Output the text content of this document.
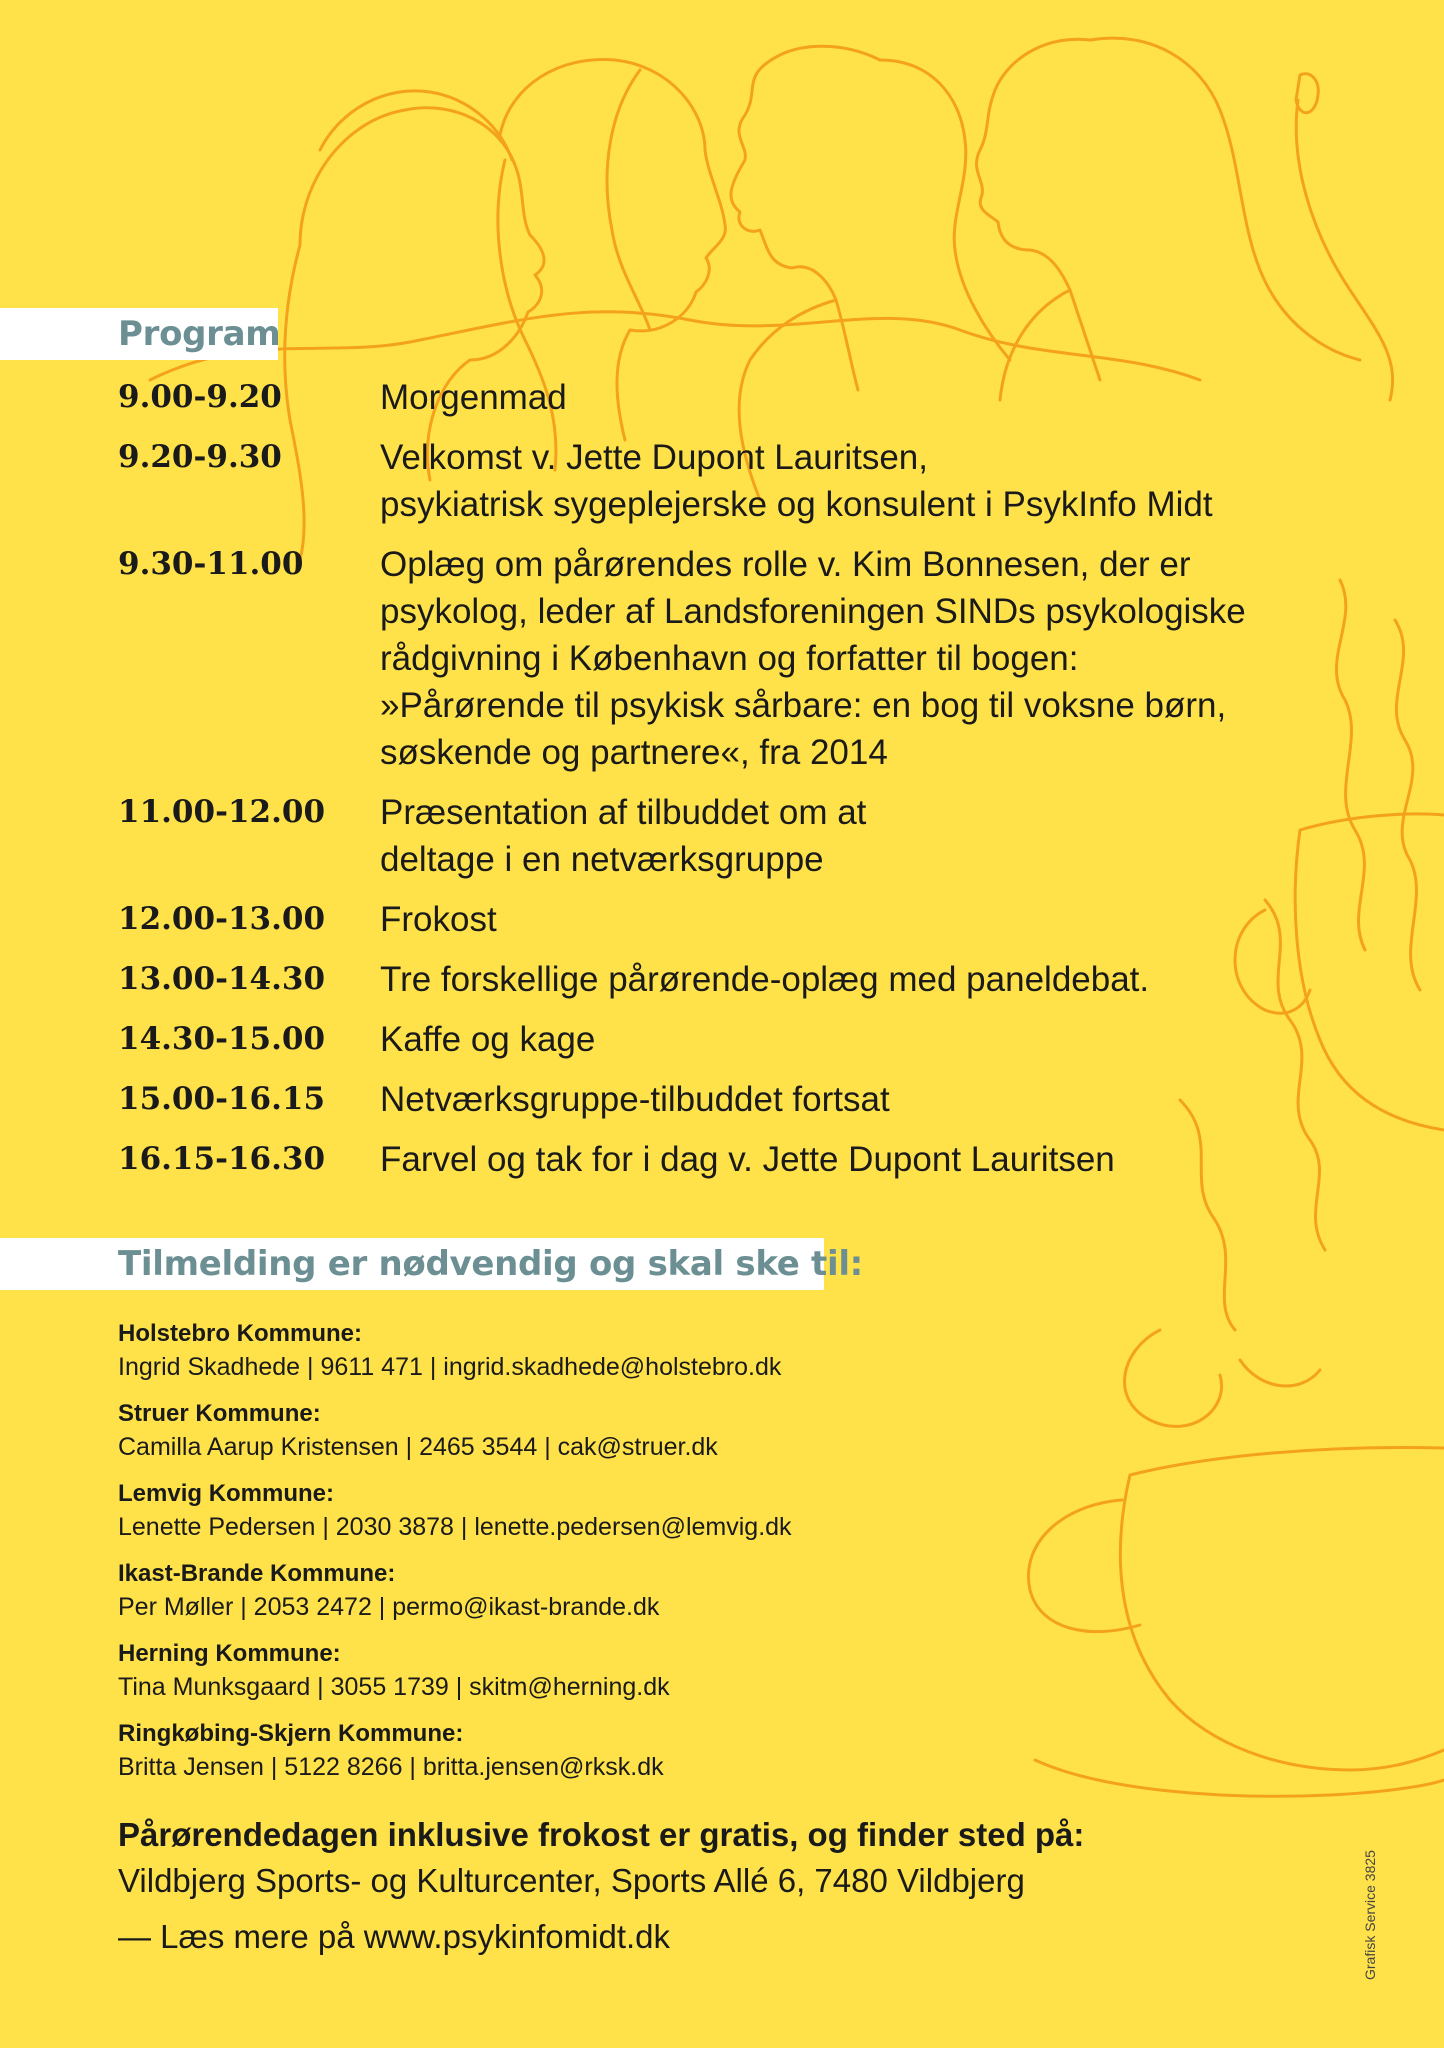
Program
9.00-9.20	Morgenmad
9.20-9.30	Velkomst v. Jette Dupont Lauritsen,
psykiatrisk sygeplejerske og konsulent i PsykInfo Midt
9.30-11.00	Oplæg om pårørendes rolle v. Kim Bonnesen, der er
psykolog, leder af Landsforeningen SINDs psykologiske
rådgivning i København og forfatter til bogen:
»Pårørende til psykisk sårbare: en bog til voksne børn,
søskende og partnere«, fra 2014
11.00-12.00	Præsentation af tilbuddet om at
deltage i en netværksgruppe
12.00-13.00	Frokost
13.00-14.30	Tre forskellige pårørende-oplæg med paneldebat.
14.30-15.00	Kaffe og kage
15.00-16.15	Netværksgruppe-tilbuddet fortsat
16.15-16.30	Farvel og tak for i dag v. Jette Dupont Lauritsen
Tilmelding er nødvendig og skal ske til:
Holstebro Kommune:
Ingrid Skadhede | 9611 471 | ingrid.skadhede@holstebro.dk
Struer Kommune:
Camilla Aarup Kristensen | 2465 3544 | cak@struer.dk
Lemvig Kommune:
Lenette Pedersen | 2030 3878 | lenette.pedersen@lemvig.dk
Ikast-Brande Kommune:
Per Møller | 2053 2472 | permo@ikast-brande.dk
Herning Kommune:
Tina Munksgaard | 3055 1739 | skitm@herning.dk
Ringkøbing-Skjern Kommune:
Britta Jensen | 5122 8266 | britta.jensen@rksk.dk
Pårørendedagen inklusive frokost er gratis, og finder sted på:
Vildbjerg Sports- og Kulturcenter, Sports Allé 6, 7480 Vildbjerg
— Læs mere på www.psykinfomidt.dk	Grafisk Service 3825
